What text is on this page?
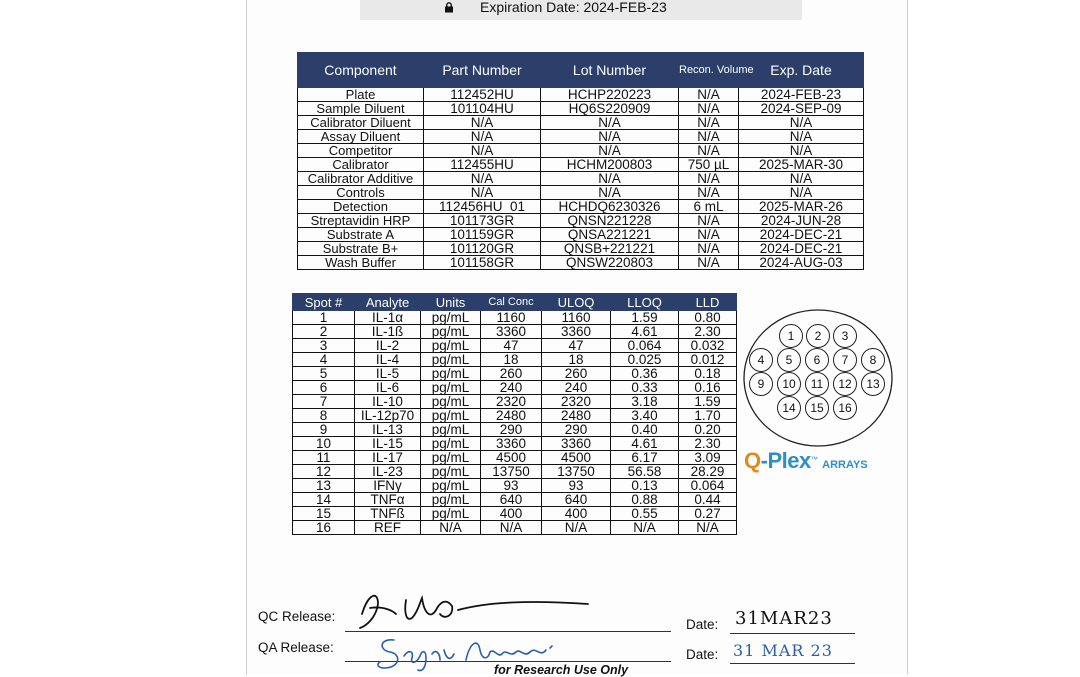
Expiration Date: 2024-FEB-23
Component	Part Number	Lot Number	Recon. Volume	Exp. Date
Plate	112452HU	HCHP220223	N/A	2024-FEB-23
Sample Diluent	101104HU	HQ6S220909	N/A	2024-SEP-09
Calibrator Diluent	N/A	N/A	N/A	N/A
Assay Diluent	N/A	N/A	N/A	N/A
Competitor	N/A	N/A	N/A	N/A
Calibrator	112455HU	HCHM200803	750 µL	2025-MAR-30
Calibrator Additive	N/A	N/A	N/A	N/A
Controls	N/A	N/A	N/A	N/A
Detection	112456HU_01	HCHDQ6230326	6 mL	2025-MAR-26
Streptavidin HRP	101173GR	QNSN221228	N/A	2024-JUN-28
Substrate A	101159GR	QNSA221221	N/A	2024-DEC-21
Substrate B+	101120GR	QNSB+221221	N/A	2024-DEC-21
Wash Buffer	101158GR	QNSW220803	N/A	2024-AUG-03
Spot #	Analyte	Units	Cal Conc	ULOQ	LLOQ	LLD
1	IL-1α	pg/mL	1160	1160	1.59	0.80
2	IL-1ß	pg/mL	3360	3360	4.61	2.30
3	IL-2	pg/mL	47	47	0.064	0.032
4	IL-4	pg/mL	18	18	0.025	0.012
5	IL-5	pg/mL	260	260	0.36	0.18
6	IL-6	pg/mL	240	240	0.33	0.16
7	IL-10	pg/mL	2320	2320	3.18	1.59
8	IL-12p70	pg/mL	2480	2480	3.40	1.70
9	IL-13	pg/mL	290	290	0.40	0.20
10	IL-15	pg/mL	3360	3360	4.61	2.30
11	IL-17	pg/mL	4500	4500	6.17	3.09
12	IL-23	pg/mL	13750	13750	56.58	28.29
13	IFNγ	pg/mL	93	93	0.13	0.064
14	TNFα	pg/mL	640	640	0.88	0.44
15	TNFß	pg/mL	400	400	0.55	0.27
16	REF	N/A	N/A	N/A	N/A	N/A
1	2	3
4	5	6	7	8
9	10	11	12	13
14	15	16
Q-Plex™ ARRAYS
QC Release:
QA Release:
Date: 31MAR23
Date: 31 MAR 23
for Research Use Only
